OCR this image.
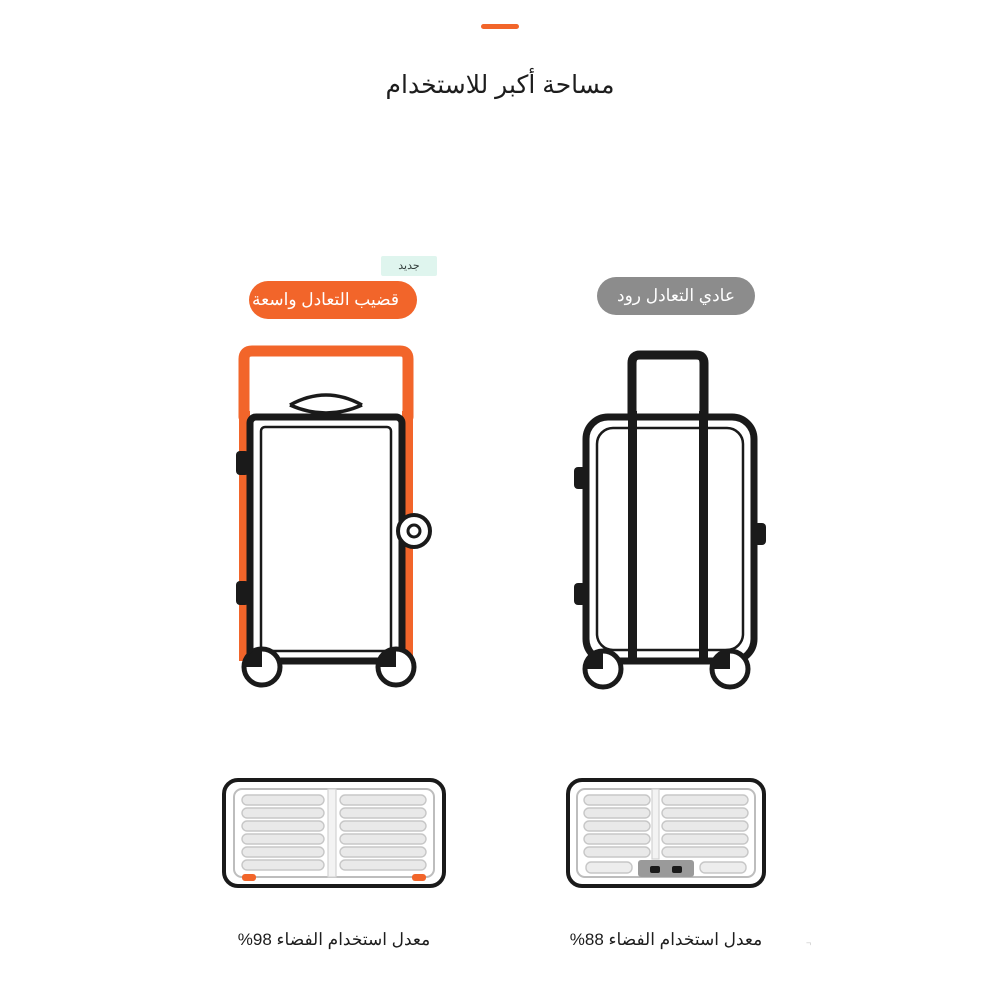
مساحة أكبر للاستخدام
قضيب التعادل واسعة
جديد
عادي التعادل رود
معدل استخدام الفضاء 98%	معدل استخدام الفضاء 88%	¬
